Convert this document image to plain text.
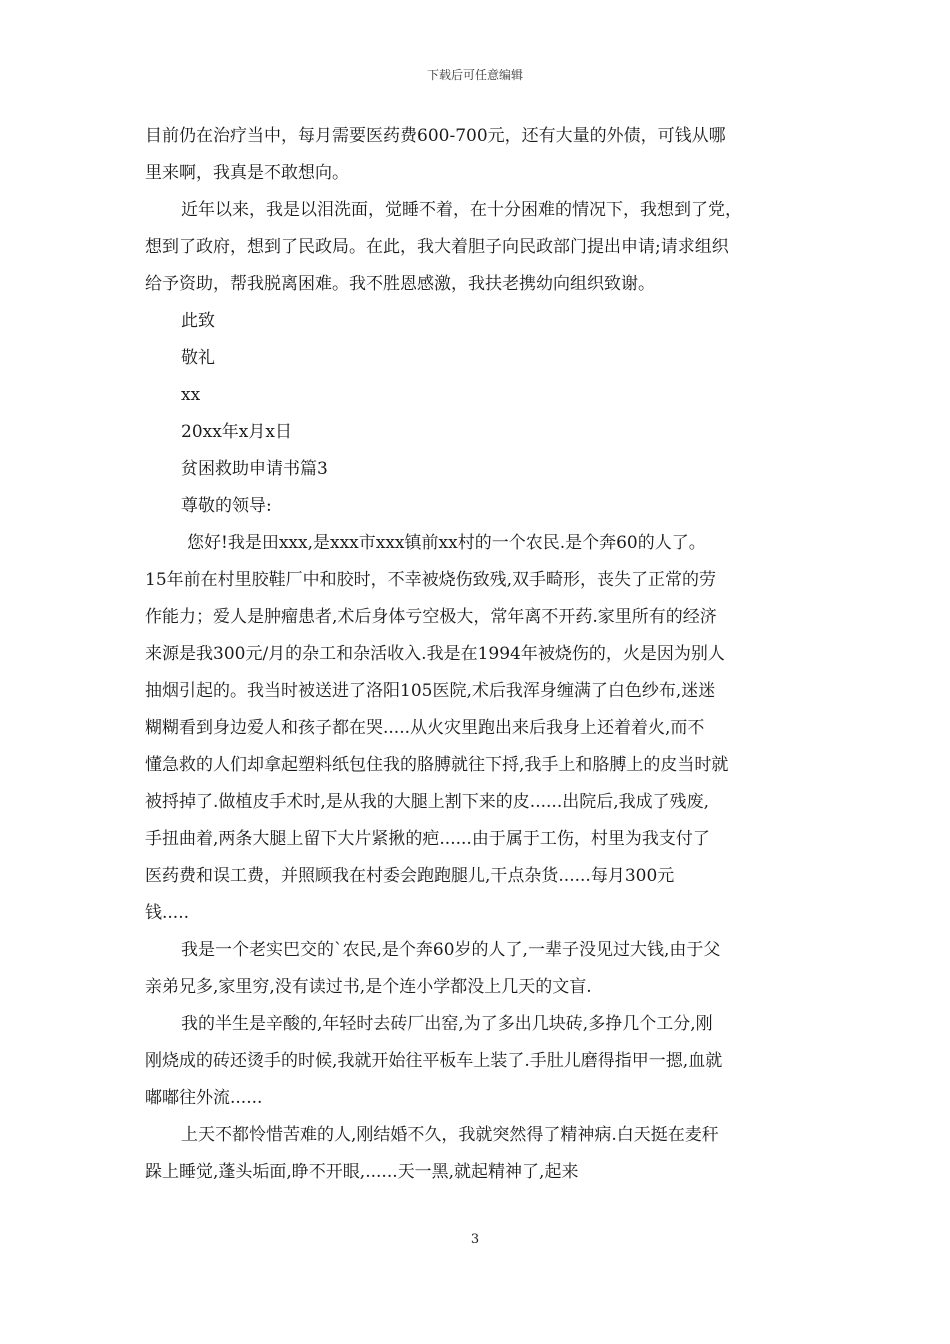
下载后可任意编辑
目前仍在治疗当中，每月需要医药费600-700元，还有大量的外债，可钱从哪
里来啊，我真是不敢想向。
近年以来，我是以泪洗面，觉睡不着，在十分困难的情况下，我想到了党，
想到了政府，想到了民政局。在此，我大着胆子向民政部门提出申请;请求组织
给予资助，帮我脱离困难。我不胜恩感激，我扶老携幼向组织致谢。
此致
敬礼
xx
20xx年x月x日
贫困救助申请书篇3
尊敬的领导:
您好!我是田xxx,是xxx市xxx镇前xx村的一个农民.是个奔60的人了。
15年前在村里胶鞋厂中和胶时，不幸被烧伤致残,双手畸形，丧失了正常的劳
作能力；爱人是肿瘤患者,术后身体亏空极大，常年离不开药.家里所有的经济
来源是我300元/月的杂工和杂活收入.我是在1994年被烧伤的，火是因为别人
抽烟引起的。我当时被送进了洛阳105医院,术后我浑身缠满了白色纱布,迷迷
糊糊看到身边爱人和孩子都在哭.....从火灾里跑出来后我身上还着着火,而不
懂急救的人们却拿起塑料纸包住我的胳膊就往下捋,我手上和胳膊上的皮当时就
被捋掉了.做植皮手术时,是从我的大腿上割下来的皮......出院后,我成了残废,
手扭曲着,两条大腿上留下大片紧揪的疤......由于属于工伤，村里为我支付了
医药费和误工费，并照顾我在村委会跑跑腿儿,干点杂货......每月300元
钱.....
我是一个老实巴交的`农民,是个奔60岁的人了,一辈子没见过大钱,由于父
亲弟兄多,家里穷,没有读过书,是个连小学都没上几天的文盲.
我的半生是辛酸的,年轻时去砖厂出窑,为了多出几块砖,多挣几个工分,刚
刚烧成的砖还烫手的时候,我就开始往平板车上装了.手肚儿磨得指甲一摁,血就
嘟嘟往外流......
上天不都怜惜苦难的人,刚结婚不久，我就突然得了精神病.白天挺在麦秆
跺上睡觉,蓬头垢面,睁不开眼,......天一黑,就起精神了,起来
3
